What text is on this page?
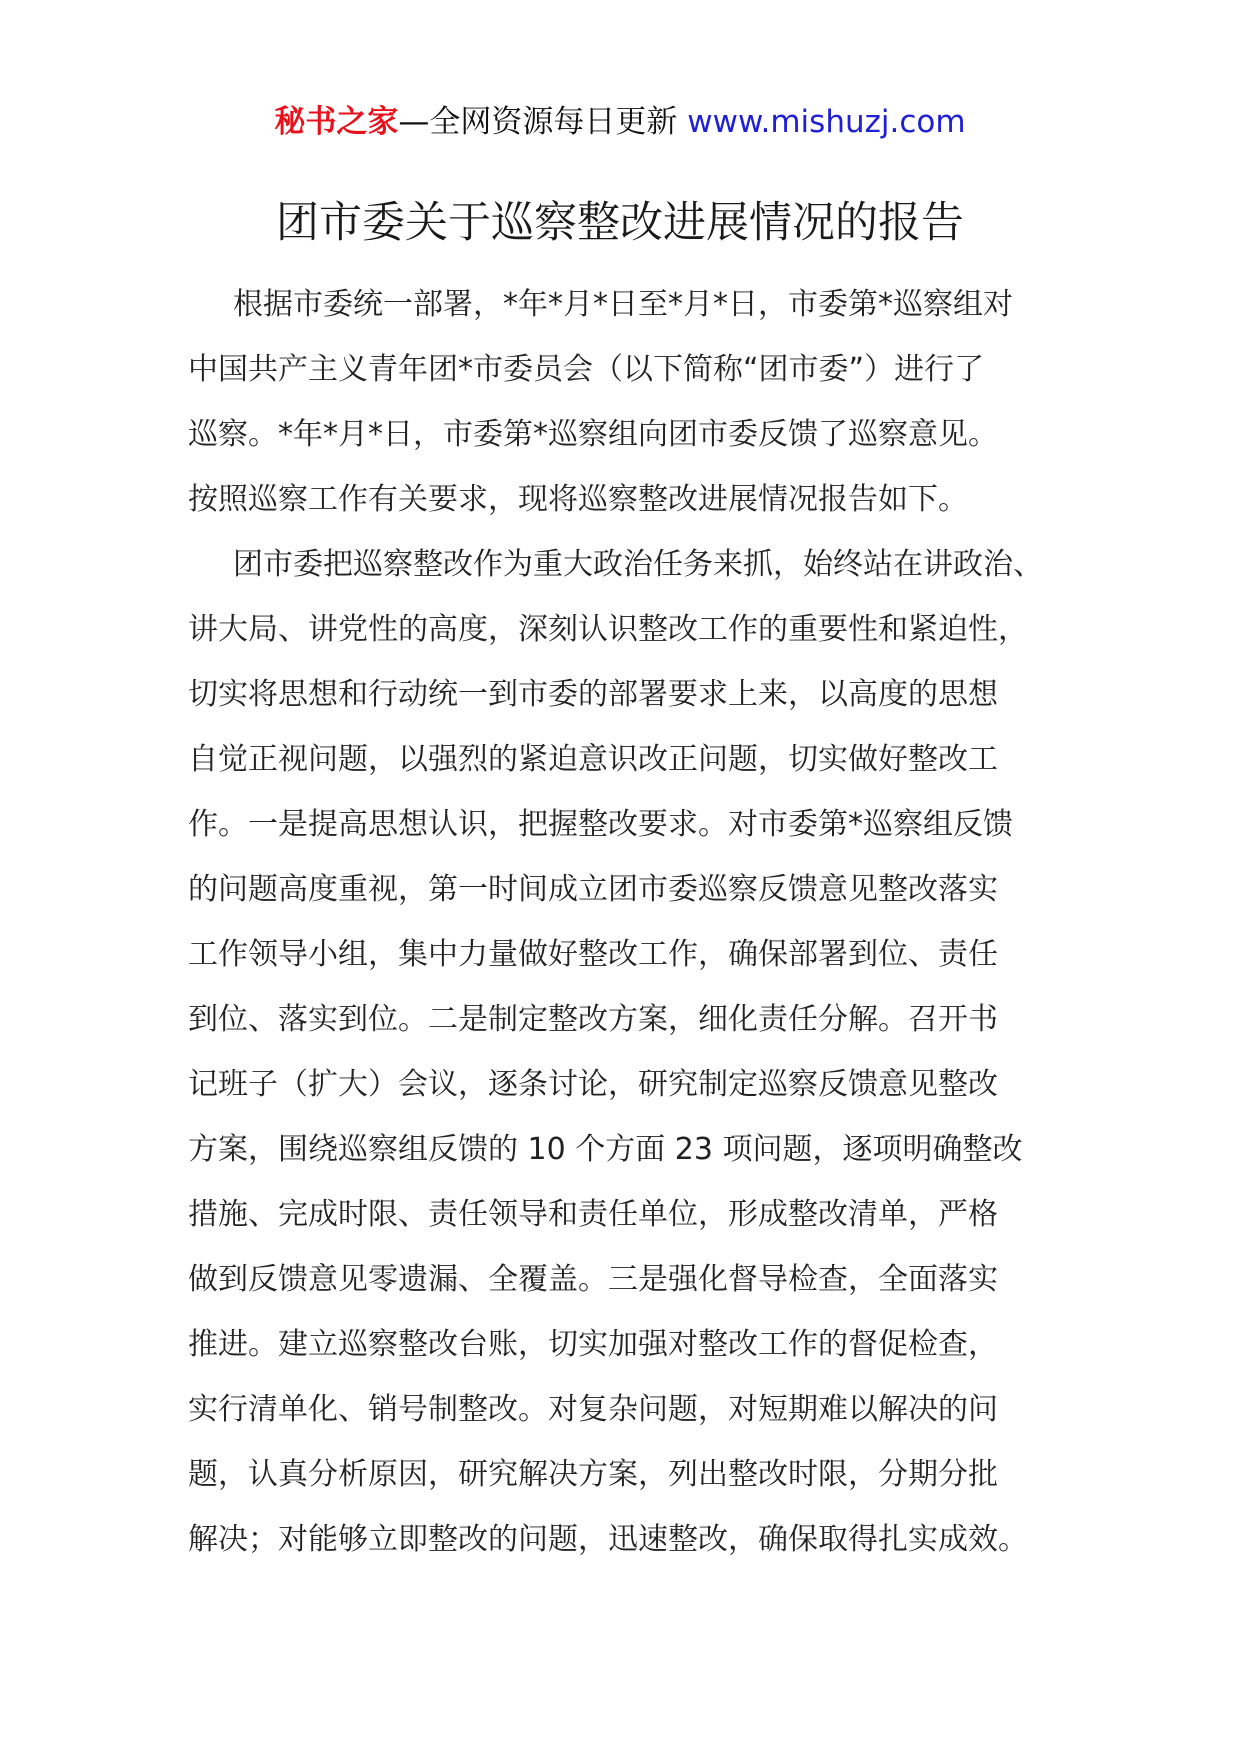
秘书之家—全网资源每日更新 www.mishuzj.com
团市委关于巡察整改进展情况的报告
根据市委统一部署，*年*月*日至*月*日，市委第*巡察组对
中国共产主义青年团*市委员会（以下简称“团市委”）进行了
巡察。*年*月*日，市委第*巡察组向团市委反馈了巡察意见。
按照巡察工作有关要求，现将巡察整改进展情况报告如下。
团市委把巡察整改作为重大政治任务来抓，始终站在讲政治、
讲大局、讲党性的高度，深刻认识整改工作的重要性和紧迫性，
切实将思想和行动统一到市委的部署要求上来，以高度的思想
自觉正视问题，以强烈的紧迫意识改正问题，切实做好整改工
作。一是提高思想认识，把握整改要求。对市委第*巡察组反馈
的问题高度重视，第一时间成立团市委巡察反馈意见整改落实
工作领导小组，集中力量做好整改工作，确保部署到位、责任
到位、落实到位。二是制定整改方案，细化责任分解。召开书
记班子（扩大）会议，逐条讨论，研究制定巡察反馈意见整改
方案，围绕巡察组反馈的 10 个方面 23 项问题，逐项明确整改
措施、完成时限、责任领导和责任单位，形成整改清单，严格
做到反馈意见零遗漏、全覆盖。三是强化督导检查，全面落实
推进。建立巡察整改台账，切实加强对整改工作的督促检查，
实行清单化、销号制整改。对复杂问题，对短期难以解决的问
题，认真分析原因，研究解决方案，列出整改时限，分期分批
解决；对能够立即整改的问题，迅速整改，确保取得扎实成效。
